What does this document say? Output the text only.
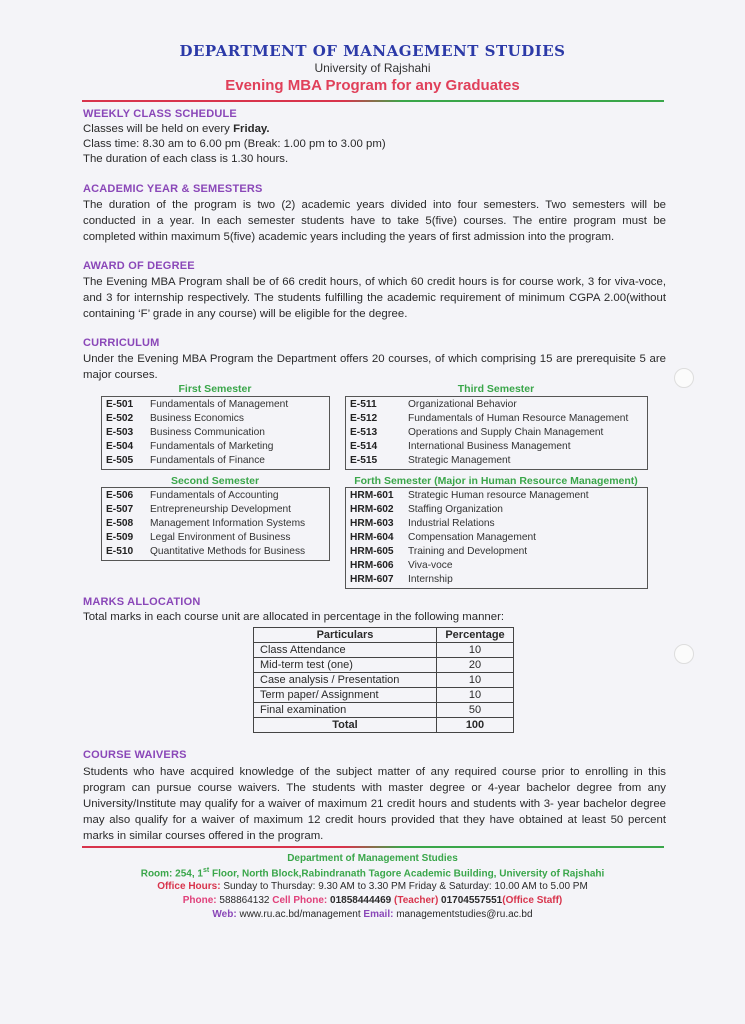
DEPARTMENT OF MANAGEMENT STUDIES
University of Rajshahi
Evening MBA Program for any Graduates
WEEKLY CLASS SCHEDULE
Classes will be held on every Friday.
Class time: 8.30 am to 6.00 pm (Break: 1.00 pm to 3.00 pm)
The duration of each class is 1.30 hours.
ACADEMIC YEAR & SEMESTERS
The duration of the program is two (2) academic years divided into four semesters. Two semesters will be conducted in a year. In each semester students have to take 5(five) courses. The entire program must be completed within maximum 5(five) academic years including the years of first admission into the program.
AWARD OF DEGREE
The Evening MBA Program shall be of 66 credit hours, of which 60 credit hours is for course work, 3 for viva-voce, and 3 for internship respectively. The students fulfilling the academic requirement of minimum CGPA 2.00(without containing ‘F’ grade in any course) will be eligible for the degree.
CURRICULUM
Under the Evening MBA Program the Department offers 20 courses, of which comprising 15 are prerequisite 5 are major courses.
First Semester
E-501	Fundamentals of Management
E-502	Business Economics
E-503	Business Communication
E-504	Fundamentals of Marketing
E-505	Fundamentals of Finance
Second Semester
E-506	Fundamentals of Accounting
E-507	Entrepreneurship Development
E-508	Management Information Systems
E-509	Legal Environment of Business
E-510	Quantitative Methods for Business
Third Semester
E-511	Organizational Behavior
E-512	Fundamentals of Human Resource Management
E-513	Operations and Supply Chain Management
E-514	International Business Management
E-515	Strategic Management
Forth Semester (Major in Human Resource Management)
HRM-601	Strategic Human resource Management
HRM-602	Staffing Organization
HRM-603	Industrial Relations
HRM-604	Compensation Management
HRM-605	Training and Development
HRM-606	Viva-voce
HRM-607	Internship
MARKS ALLOCATION
Total marks in each course unit are allocated in percentage in the following manner:
Particulars	Percentage
Class Attendance	10
Mid-term test (one)	20
Case analysis / Presentation	10
Term paper/ Assignment	10
Final examination	50
Total	100
COURSE WAIVERS
Students who have acquired knowledge of the subject matter of any required course prior to enrolling in this program can pursue course waivers. The students with master degree or 4-year bachelor degree from any University/Institute may qualify for a waiver of maximum 21 credit hours and students with 3- year bachelor degree may also qualify for a waiver of maximum 12 credit hours provided that they have obtained at least 50 percent marks in similar courses offered in the program.
Department of Management Studies
Room: 254, 1st Floor, North Block,Rabindranath Tagore Academic Building, University of Rajshahi
Office Hours: Sunday to Thursday: 9.30 AM to 3.30 PM Friday & Saturday: 10.00 AM to 5.00 PM
Phone: 588864132 Cell Phone: 01858444469 (Teacher) 01704557551(Office Staff)
Web: www.ru.ac.bd/management Email: managementstudies@ru.ac.bd
